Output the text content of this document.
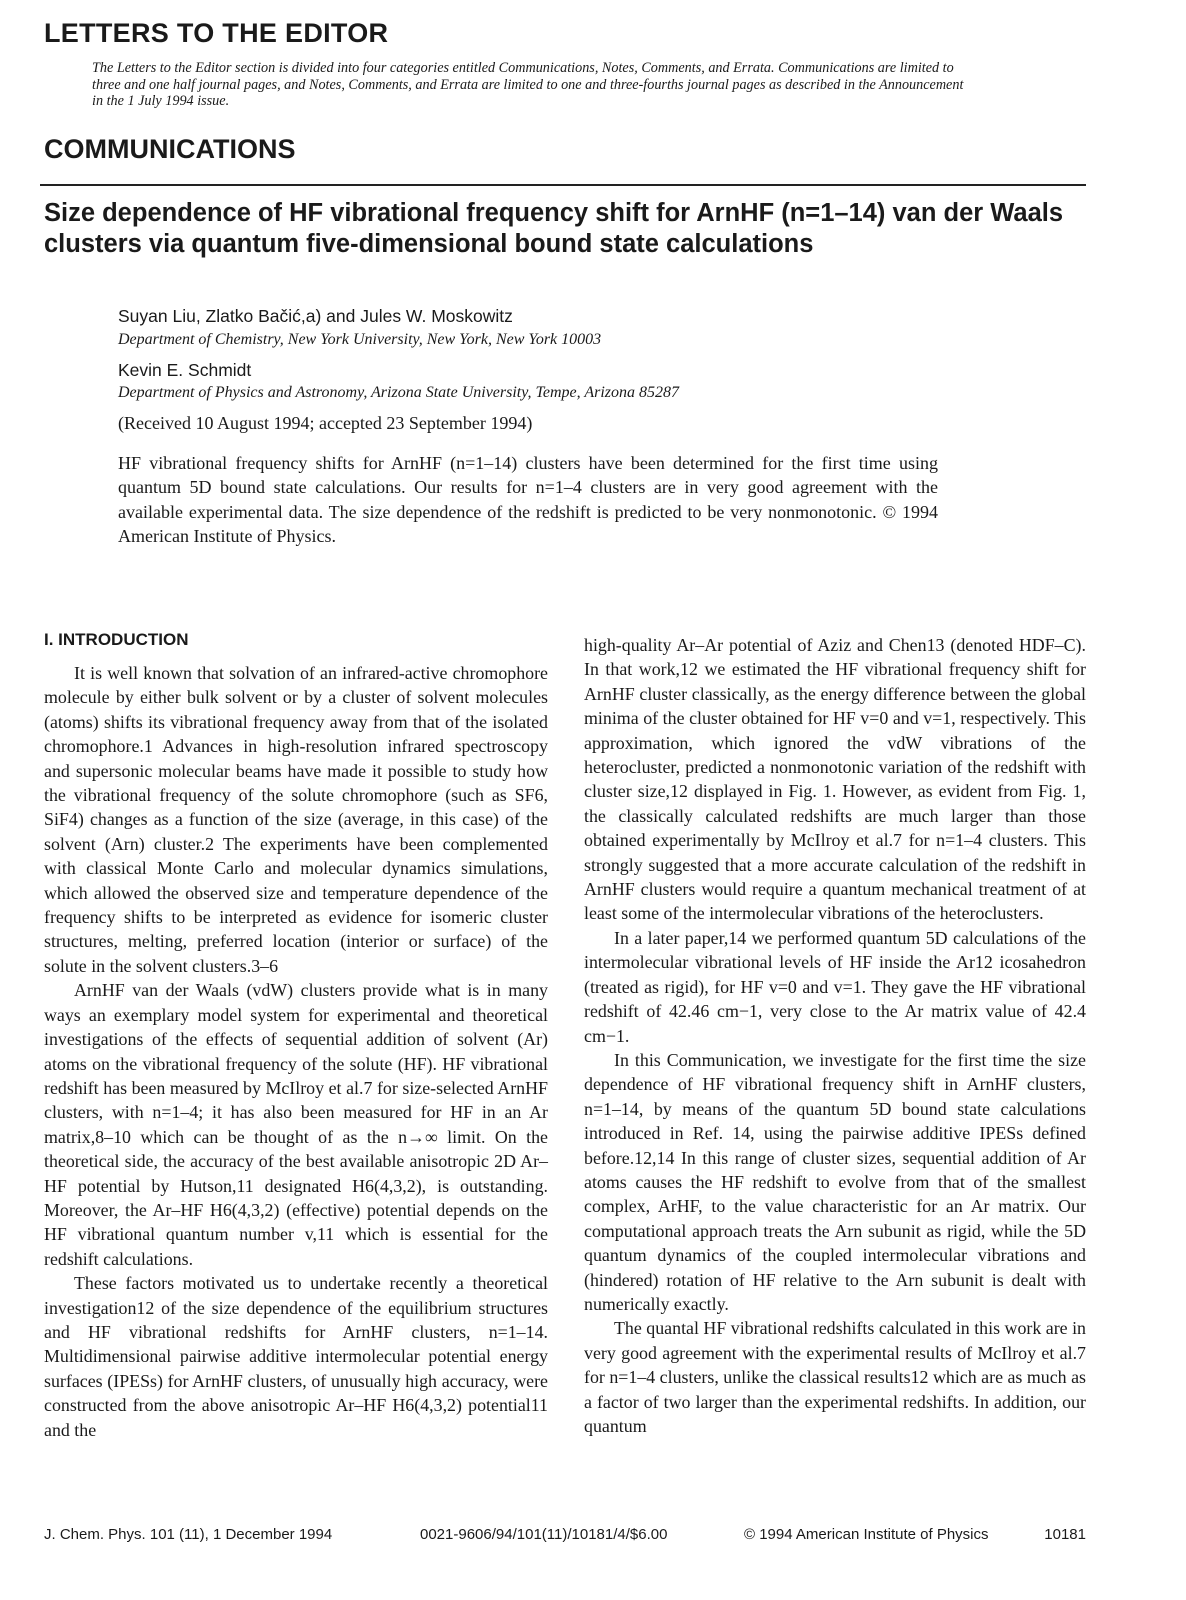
LETTERS TO THE EDITOR
The Letters to the Editor section is divided into four categories entitled Communications, Notes, Comments, and Errata. Communications are limited to three and one half journal pages, and Notes, Comments, and Errata are limited to one and three-fourths journal pages as described in the Announcement in the 1 July 1994 issue.
COMMUNICATIONS
Size dependence of HF vibrational frequency shift for ArnHF (n=1–14) van der Waals clusters via quantum five-dimensional bound state calculations
Suyan Liu, Zlatko Bačić,a) and Jules W. Moskowitz
Department of Chemistry, New York University, New York, New York 10003
Kevin E. Schmidt
Department of Physics and Astronomy, Arizona State University, Tempe, Arizona 85287
(Received 10 August 1994; accepted 23 September 1994)
HF vibrational frequency shifts for ArnHF (n=1–14) clusters have been determined for the first time using quantum 5D bound state calculations. Our results for n=1–4 clusters are in very good agreement with the available experimental data. The size dependence of the redshift is predicted to be very nonmonotonic. © 1994 American Institute of Physics.
I. INTRODUCTION

It is well known that solvation of an infrared-active chromophore molecule by either bulk solvent or by a cluster of solvent molecules (atoms) shifts its vibrational frequency away from that of the isolated chromophore.1 Advances in high-resolution infrared spectroscopy and supersonic molecular beams have made it possible to study how the vibrational frequency of the solute chromophore (such as SF6, SiF4) changes as a function of the size (average, in this case) of the solvent (Arn) cluster.2 The experiments have been complemented with classical Monte Carlo and molecular dynamics simulations, which allowed the observed size and temperature dependence of the frequency shifts to be interpreted as evidence for isomeric cluster structures, melting, preferred location (interior or surface) of the solute in the solvent clusters.3–6

ArnHF van der Waals (vdW) clusters provide what is in many ways an exemplary model system for experimental and theoretical investigations of the effects of sequential addition of solvent (Ar) atoms on the vibrational frequency of the solute (HF). HF vibrational redshift has been measured by McIlroy et al.7 for size-selected ArnHF clusters, with n=1–4; it has also been measured for HF in an Ar matrix,8–10 which can be thought of as the n→∞ limit. On the theoretical side, the accuracy of the best available anisotropic 2D Ar–HF potential by Hutson,11 designated H6(4,3,2), is outstanding. Moreover, the Ar–HF H6(4,3,2) (effective) potential depends on the HF vibrational quantum number v,11 which is essential for the redshift calculations.

These factors motivated us to undertake recently a theoretical investigation12 of the size dependence of the equilibrium structures and HF vibrational redshifts for ArnHF clusters, n=1–14. Multidimensional pairwise additive intermolecular potential energy surfaces (IPESs) for ArnHF clusters, of unusually high accuracy, were constructed from the above anisotropic Ar–HF H6(4,3,2) potential11 and the

high-quality Ar–Ar potential of Aziz and Chen13 (denoted HDF–C). In that work,12 we estimated the HF vibrational frequency shift for ArnHF cluster classically, as the energy difference between the global minima of the cluster obtained for HF v=0 and v=1, respectively. This approximation, which ignored the vdW vibrations of the heterocluster, predicted a nonmonotonic variation of the redshift with cluster size,12 displayed in Fig. 1. However, as evident from Fig. 1, the classically calculated redshifts are much larger than those obtained experimentally by McIlroy et al.7 for n=1–4 clusters. This strongly suggested that a more accurate calculation of the redshift in ArnHF clusters would require a quantum mechanical treatment of at least some of the intermolecular vibrations of the heteroclusters.

In a later paper,14 we performed quantum 5D calculations of the intermolecular vibrational levels of HF inside the Ar12 icosahedron (treated as rigid), for HF v=0 and v=1. They gave the HF vibrational redshift of 42.46 cm−1, very close to the Ar matrix value of 42.4 cm−1.

In this Communication, we investigate for the first time the size dependence of HF vibrational frequency shift in ArnHF clusters, n=1–14, by means of the quantum 5D bound state calculations introduced in Ref. 14, using the pairwise additive IPESs defined before.12,14 In this range of cluster sizes, sequential addition of Ar atoms causes the HF redshift to evolve from that of the smallest complex, ArHF, to the value characteristic for an Ar matrix. Our computational approach treats the Arn subunit as rigid, while the 5D quantum dynamics of the coupled intermolecular vibrations and (hindered) rotation of HF relative to the Arn subunit is dealt with numerically exactly.

The quantal HF vibrational redshifts calculated in this work are in very good agreement with the experimental results of McIlroy et al.7 for n=1–4 clusters, unlike the classical results12 which are as much as a factor of two larger than the experimental redshifts. In addition, our quantum

J. Chem. Phys. 101 (11), 1 December 1994	0021-9606/94/101(11)/10181/4/$6.00	© 1994 American Institute of Physics	10181
